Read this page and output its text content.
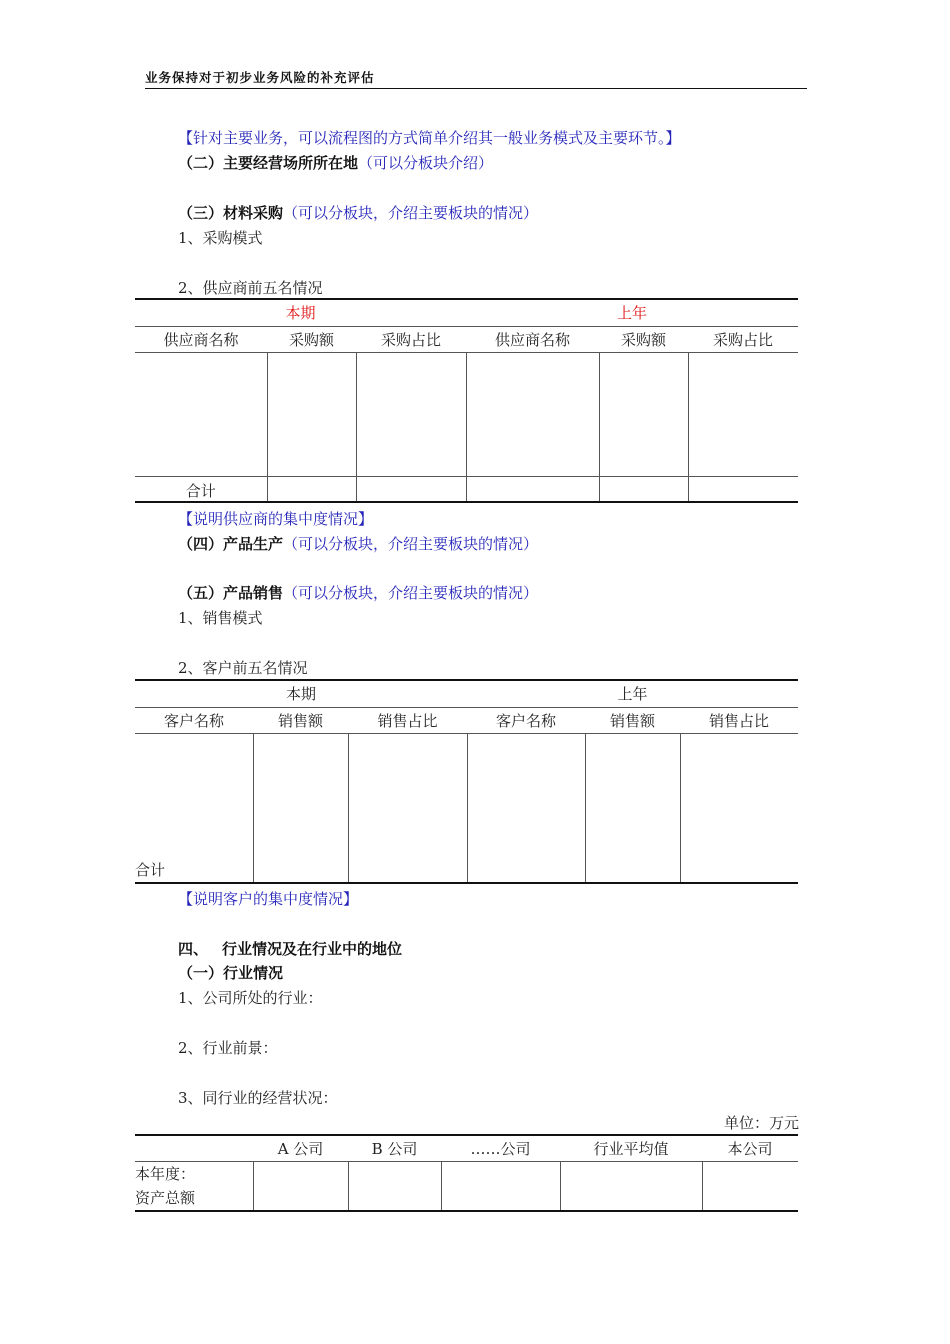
业务保持对于初步业务风险的补充评估
【针对主要业务，可以流程图的方式简单介绍其一般业务模式及主要环节。】
（二）主要经营场所所在地（可以分板块介绍）
（三）材料采购（可以分板块，介绍主要板块的情况）
1、采购模式
2、供应商前五名情况
本期			上年		
供应商名称	采购额	采购占比	供应商名称	采购额	采购占比

合计					
【说明供应商的集中度情况】
（四）产品生产（可以分板块，介绍主要板块的情况）
（五）产品销售（可以分板块，介绍主要板块的情况）
1、销售模式
2、客户前五名情况
本期			上年		
客户名称	销售额	销售占比	客户名称	销售额	销售占比
合计					
【说明客户的集中度情况】
四、 行业情况及在行业中的地位
（一）行业情况
1、公司所处的行业：
2、行业前景：
3、同行业的经营状况：
单位：万元
	A 公司	B 公司	……公司	行业平均值	本公司

本年度：
资产总额					
